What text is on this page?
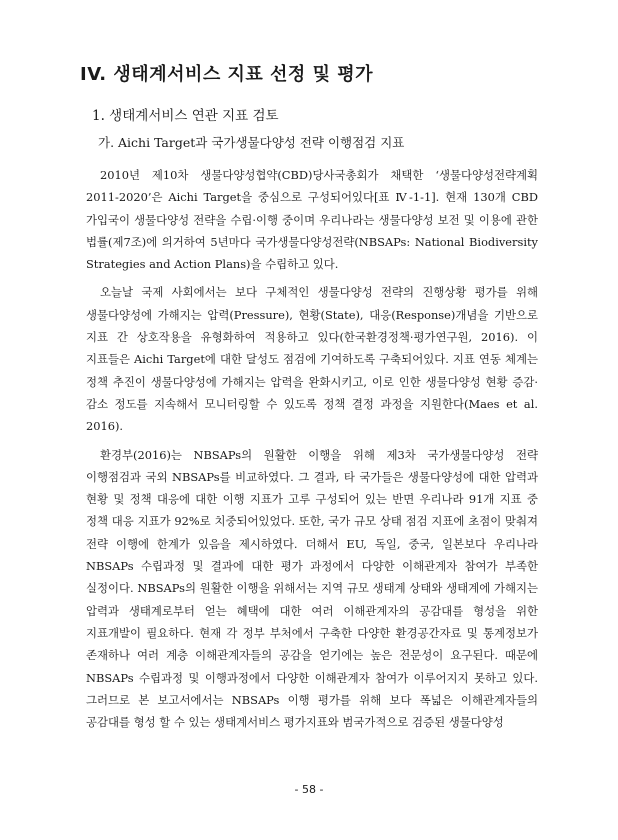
IV. 생태계서비스 지표 선정 및 평가
1. 생태계서비스 연관 지표 검토
가. Aichi Target과 국가생물다양성 전략 이행점검 지표

2010년 제10차 생물다양성협약(CBD)당사국총회가 채택한 ‘생물다양성전략계획 2011-2020’은 Aichi Target을 중심으로 구성되어있다[표 Ⅳ-1-1]. 현재 130개 CBD 가입국이 생물다양성 전략을 수립·이행 중이며 우리나라는 생물다양성 보전 및 이용에 관한 법률(제7조)에 의거하여 5년마다 국가생물다양성전략(NBSAPs: National Biodiversity Strategies and Action Plans)을 수립하고 있다.

오늘날 국제 사회에서는 보다 구체적인 생물다양성 전략의 진행상황 평가를 위해 생물다양성에 가해지는 압력(Pressure), 현황(State), 대응(Response)개념을 기반으로 지표 간 상호작용을 유형화하여 적용하고 있다(한국환경정책·평가연구원, 2016). 이 지표들은 Aichi Target에 대한 달성도 점검에 기여하도록 구축되어있다. 지표 연동 체계는 정책 추진이 생물다양성에 가해지는 압력을 완화시키고, 이로 인한 생물다양성 현황 증감·감소 정도를 지속해서 모니터링할 수 있도록 정책 결정 과정을 지원한다(Maes et al. 2016).

환경부(2016)는 NBSAPs의 원활한 이행을 위해 제3차 국가생물다양성 전략 이행점검과 국외 NBSAPs를 비교하였다. 그 결과, 타 국가들은 생물다양성에 대한 압력과 현황 및 정책 대응에 대한 이행 지표가 고루 구성되어 있는 반면 우리나라 91개 지표 중 정책 대응 지표가 92%로 치중되어있었다. 또한, 국가 규모 상태 점검 지표에 초점이 맞춰져 전략 이행에 한계가 있음을 제시하였다. 더해서 EU, 독일, 중국, 일본보다 우리나라 NBSAPs 수립과정 및 결과에 대한 평가 과정에서 다양한 이해관계자 참여가 부족한 실정이다. NBSAPs의 원활한 이행을 위해서는 지역 규모 생태계 상태와 생태계에 가해지는 압력과 생태계로부터 얻는 혜택에 대한 여러 이해관계자의 공감대를 형성을 위한 지표개발이 필요하다. 현재 각 정부 부처에서 구축한 다양한 환경공간자료 및 통계정보가 존재하나 여러 계층 이해관계자들의 공감을 얻기에는 높은 전문성이 요구된다. 때문에 NBSAPs 수립과정 및 이행과정에서 다양한 이해관계자 참여가 이루어지지 못하고 있다. 그러므로 본 보고서에서는 NBSAPs 이행 평가를 위해 보다 폭넓은 이해관계자들의 공감대를 형성 할 수 있는 생태계서비스 평가지표와 범국가적으로 검증된 생물다양성

- 58 -
